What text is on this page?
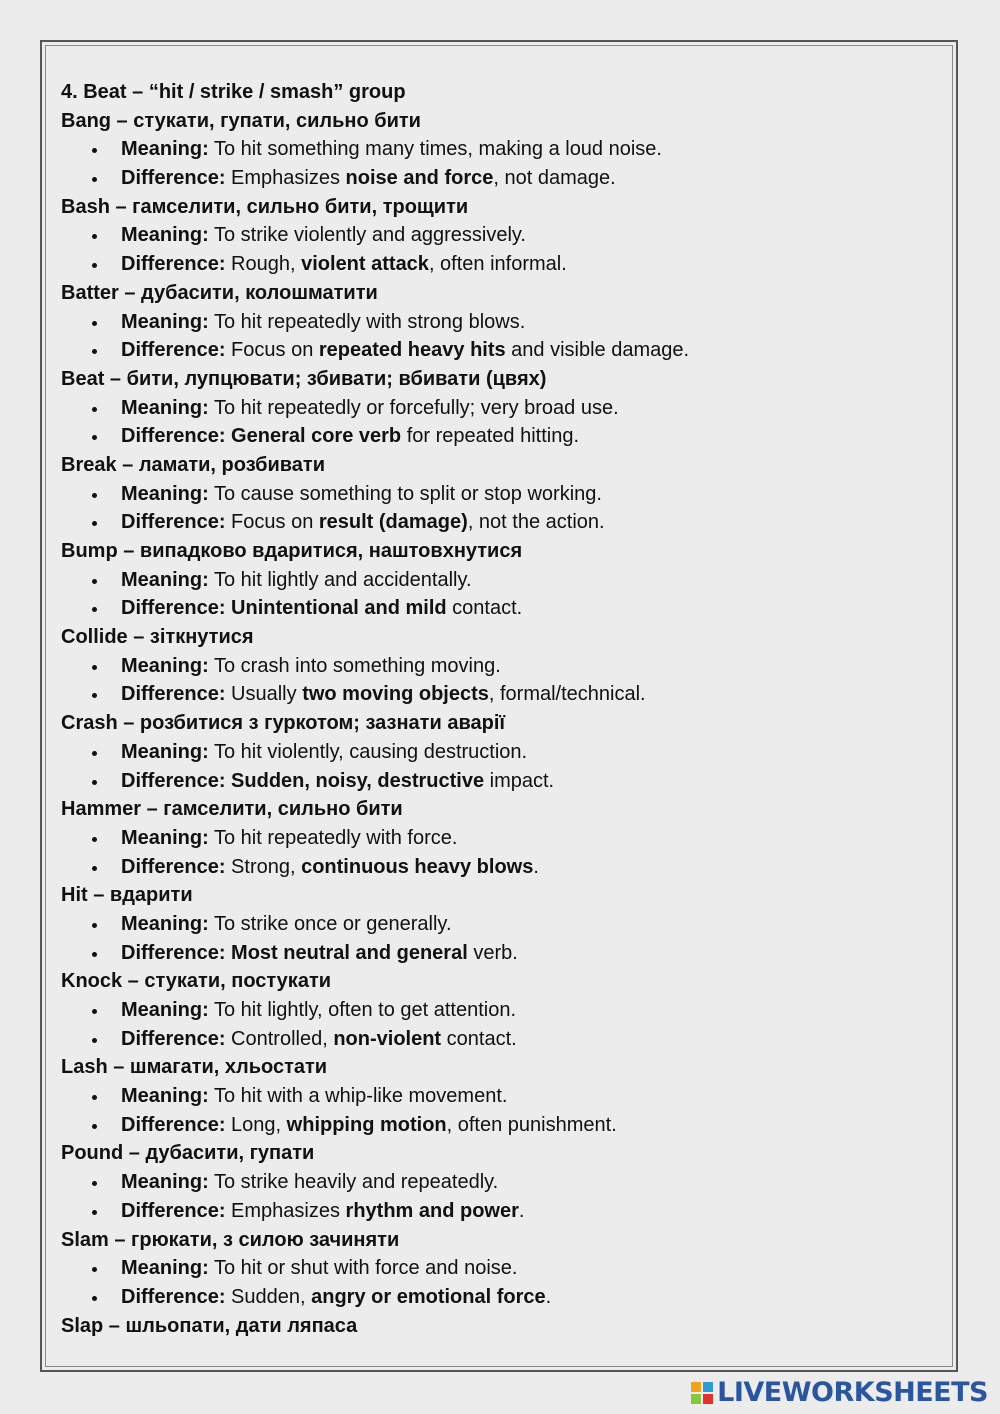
4. Beat – “hit / strike / smash” group
Bang – стукати, гупати, сильно бити
Meaning: To hit something many times, making a loud noise.
Difference: Emphasizes noise and force, not damage.
Bash – гамселити, сильно бити, трощити
Meaning: To strike violently and aggressively.
Difference: Rough, violent attack, often informal.
Batter – дубасити, колошматити
Meaning: To hit repeatedly with strong blows.
Difference: Focus on repeated heavy hits and visible damage.
Beat – бити, лупцювати; збивати; вбивати (цвях)
Meaning: To hit repeatedly or forcefully; very broad use.
Difference: General core verb for repeated hitting.
Break – ламати, розбивати
Meaning: To cause something to split or stop working.
Difference: Focus on result (damage), not the action.
Bump – випадково вдаритися, наштовхнутися
Meaning: To hit lightly and accidentally.
Difference: Unintentional and mild contact.
Collide – зіткнутися
Meaning: To crash into something moving.
Difference: Usually two moving objects, formal/technical.
Crash – розбитися з гуркотом; зазнати аварії
Meaning: To hit violently, causing destruction.
Difference: Sudden, noisy, destructive impact.
Hammer – гамселити, сильно бити
Meaning: To hit repeatedly with force.
Difference: Strong, continuous heavy blows.
Hit – вдарити
Meaning: To strike once or generally.
Difference: Most neutral and general verb.
Knock – стукати, постукати
Meaning: To hit lightly, often to get attention.
Difference: Controlled, non-violent contact.
Lash – шмагати, хльостати
Meaning: To hit with a whip-like movement.
Difference: Long, whipping motion, often punishment.
Pound – дубасити, гупати
Meaning: To strike heavily and repeatedly.
Difference: Emphasizes rhythm and power.
Slam – грюкати, з силою зачиняти
Meaning: To hit or shut with force and noise.
Difference: Sudden, angry or emotional force.
Slap – шльопати, дати ляпаса
LIVEWORKSHEETS
